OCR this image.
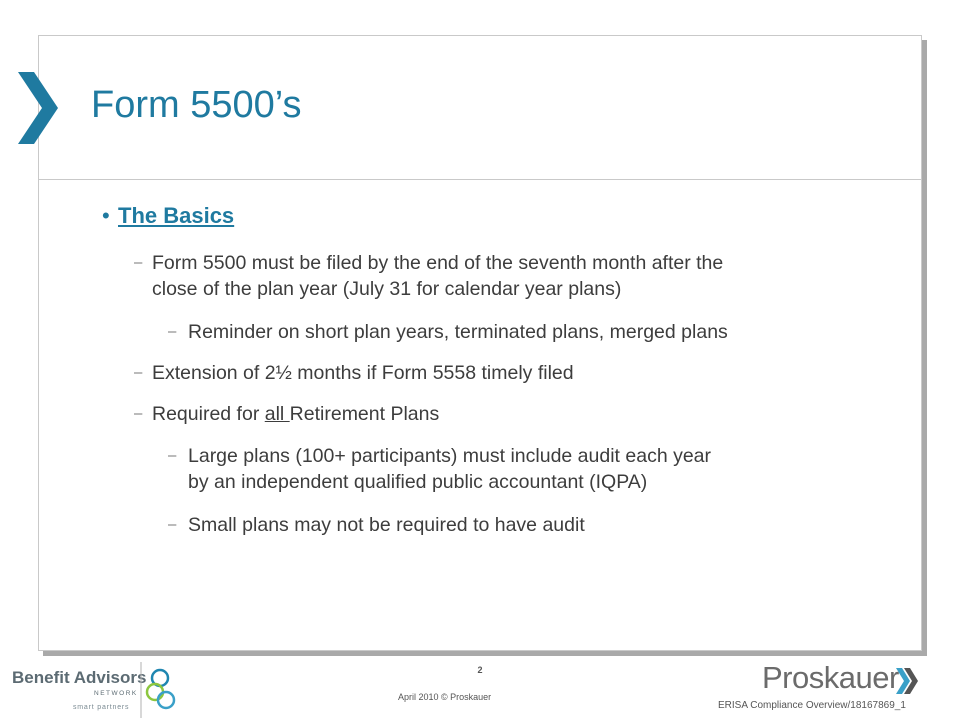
Form 5500’s
• The Basics
– Form 5500 must be filed by the end of the seventh month after the
close of the plan year (July 31 for calendar year plans)
– Reminder on short plan years, terminated plans, merged plans
– Extension of 2½ months if Form 5558 timely filed
– Required for all Retirement Plans
– Large plans (100+ participants) must include audit each year
by an independent qualified public accountant (IQPA)
– Small plans may not be required to have audit
Benefit Advisors
NETWORK
smart partners
2
April 2010 © Proskauer
Proskauer
ERISA Compliance Overview/18167869_1
